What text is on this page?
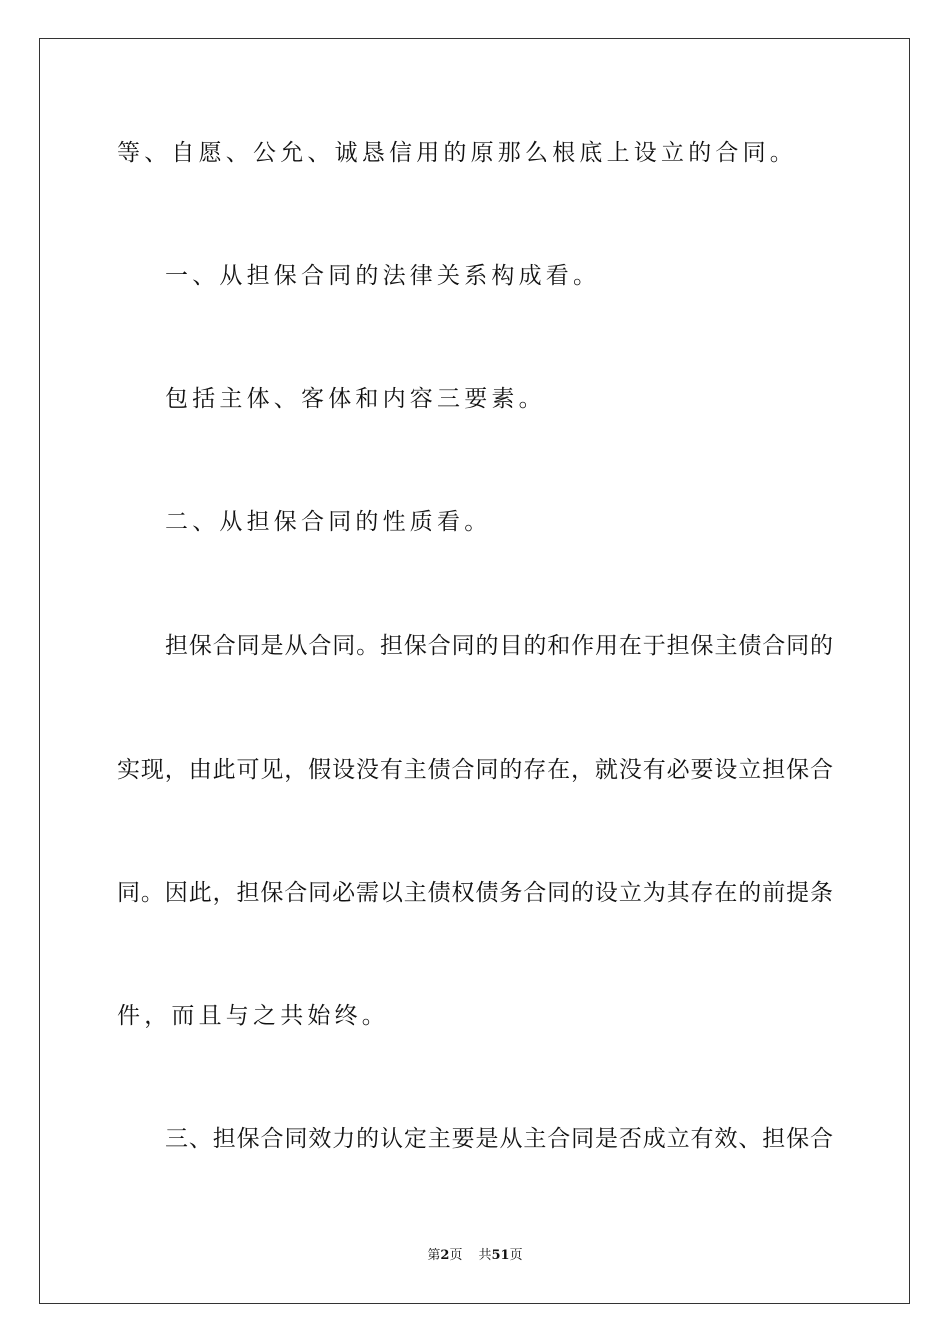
等、自愿、公允、诚恳信用的原那么根底上设立的合同。

一、从担保合同的法律关系构成看。

包括主体、客体和内容三要素。

二、从担保合同的性质看。

担保合同是从合同。担保合同的目的和作用在于担保主债合同的

实现，由此可见，假设没有主债合同的存在，就没有必要设立担保合

同。因此，担保合同必需以主债权债务合同的设立为其存在的前提条

件，而且与之共始终。

三、担保合同效力的认定主要是从主合同是否成立有效、担保合

第2页 共51页
